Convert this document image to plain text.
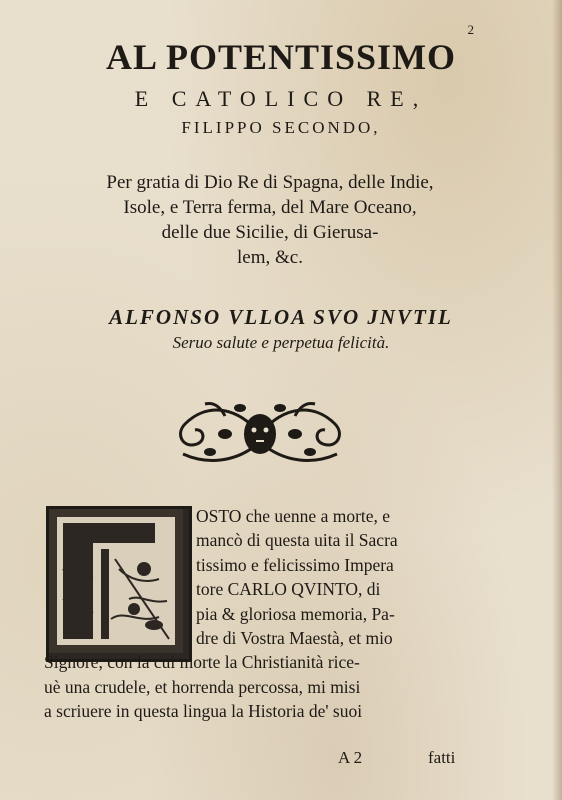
2
AL POTENTISSIMO
E CATOLICO RE,
FILIPPO SECONDO,
Per gratia di Dio Re di Spagna, delle Indie,
Isole, e Terra ferma, del Mare Oceano,
delle due Sicilie, di Gierusa-
lem, &c.
ALFONSO VLLOA SVO JNVTIL
Seruo salute e perpetua felicità.
OSTO che uenne a morte, e
mancò di questa uita il Sacra
tissimo e felicissimo Impera
tore CARLO QVINTO, di
pia & gloriosa memoria, Pa-
dre di Vostra Maestà, et mio
Signore, con la cui morte la Christianità rice-
uè una crudele, et horrenda percossa, mi misi
a scriuere in questa lingua la Historia de' suoi
A 2	fatti
